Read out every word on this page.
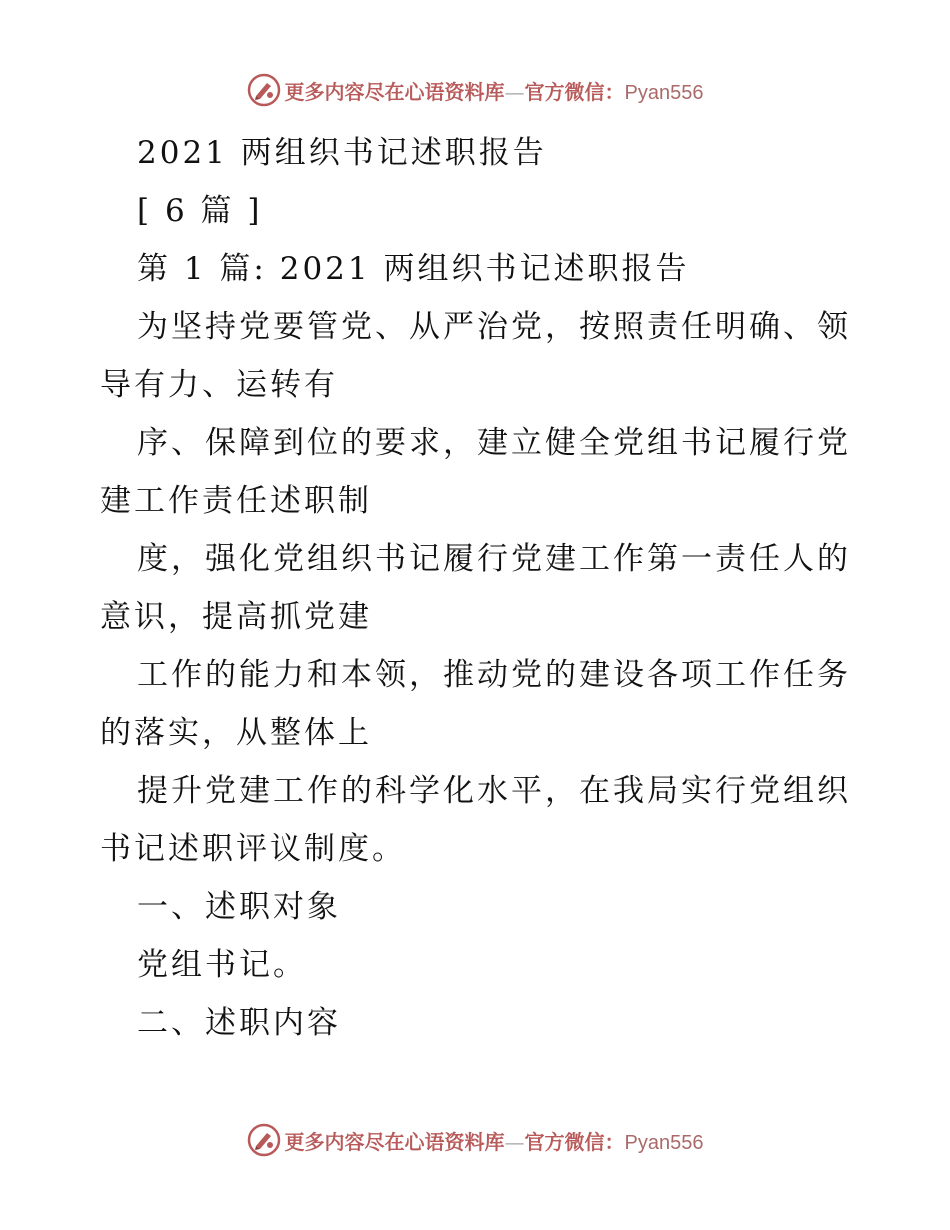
更多内容尽在心语资料库—官方微信：Pyan556
2021 两组织书记述职报告
[ 6 篇 ]
第 1 篇: 2021 两组织书记述职报告
为坚持党要管党、从严治党，按照责任明确、领
导有力、运转有
序、保障到位的要求，建立健全党组书记履行党
建工作责任述职制
度，强化党组织书记履行党建工作第一责任人的
意识，提高抓党建
工作的能力和本领，推动党的建设各项工作任务
的落实，从整体上
提升党建工作的科学化水平，在我局实行党组织
书记述职评议制度。
一、述职对象
党组书记。
二、述职内容
更多内容尽在心语资料库—官方微信：Pyan556
